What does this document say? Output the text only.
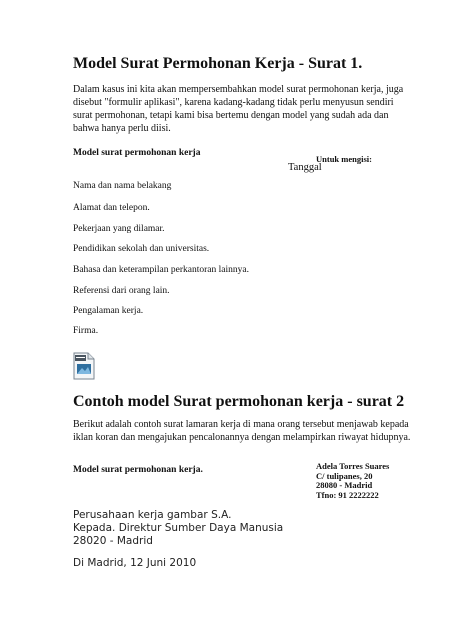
Model Surat Permohonan Kerja - Surat 1.
Dalam kasus ini kita akan mempersembahkan model surat permohonan kerja, juga disebut "formulir aplikasi", karena kadang-kadang tidak perlu menyusun sendiri surat permohonan, tetapi kami bisa bertemu dengan model yang sudah ada dan bahwa hanya perlu diisi.
Model surat permohonan kerja
Untuk mengisi:
Tanggal
Nama dan nama belakang
Alamat dan telepon.
Pekerjaan yang dilamar.
Pendidikan sekolah dan universitas.
Bahasa dan keterampilan perkantoran lainnya.
Referensi dari orang lain.
Pengalaman kerja.
Firma.
Contoh model Surat permohonan kerja - surat 2
Berikut adalah contoh surat lamaran kerja di mana orang tersebut menjawab kepada iklan koran dan mengajukan pencalonannya dengan melampirkan riwayat hidupnya.
Model surat permohonan kerja.	Adela Torres Suares
C/ tulipanes, 20
28080 - Madrid
Tfno: 91 2222222
Perusahaan kerja gambar S.A.
Kepada. Direktur Sumber Daya Manusia
28020 - Madrid
Di Madrid, 12 Juni 2010
